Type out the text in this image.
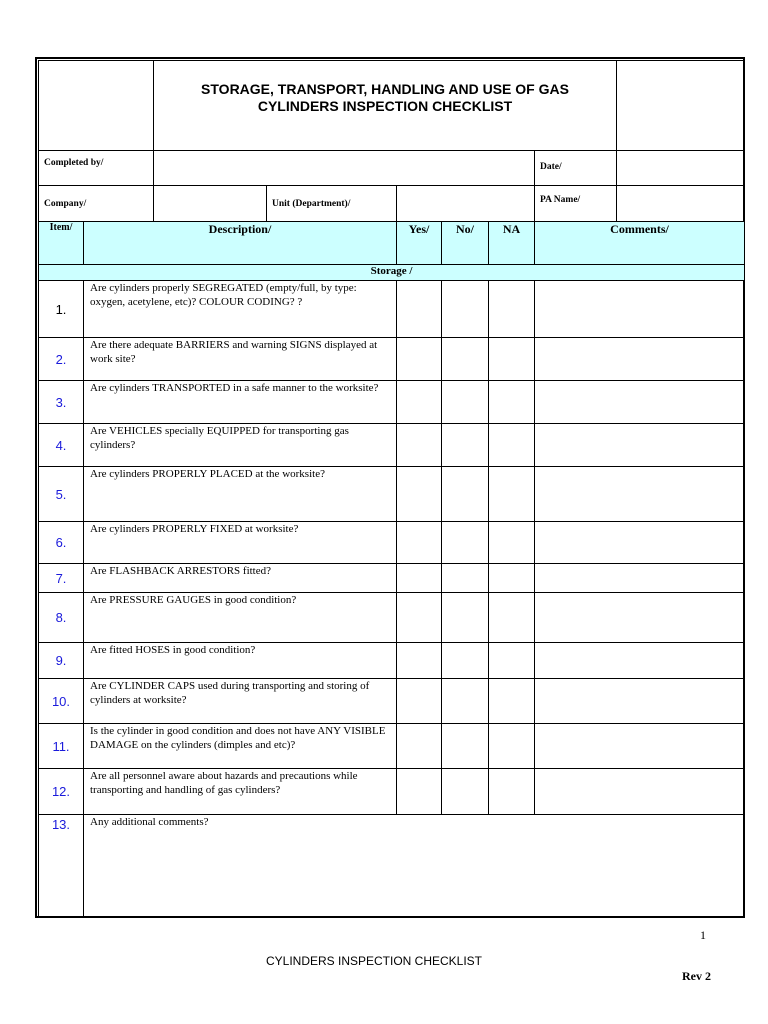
		STORAGE, TRANSPORT, HANDLING AND USE OF GAS
CYLINDERS INSPECTION CHECKLIST						

Completed by/							Date/	
Company/			Unit (Department)/				PA Name/	
Item/	Description/			Yes/	No/	NA	Comments/	
Storage /								
1.	Are cylinders properly SEGREGATED (empty/full, by type: oxygen, acetylene, etc)? COLOUR CODING? ?							
2.	Are there adequate BARRIERS and warning SIGNS displayed at work site?							
3.	Are cylinders TRANSPORTED in a safe manner to the worksite?							
4.	Are VEHICLES specially EQUIPPED for transporting gas cylinders?							
5.	Are cylinders PROPERLY PLACED at the worksite?							
6.	Are cylinders PROPERLY FIXED at worksite?							
7.	Are FLASHBACK ARRESTORS fitted?							
8.	Are PRESSURE GAUGES in good condition?							
9.	Are fitted HOSES in good condition?							
10.	Are CYLINDER CAPS used during transporting and storing of cylinders at worksite?							
11.	Is the cylinder in good condition and does not have ANY VISIBLE DAMAGE on the cylinders (dimples and etc)?							
12.	Are all personnel aware about hazards and precautions while transporting and handling of gas cylinders?							
13.	Any additional comments?							
1
CYLINDERS INSPECTION CHECKLIST
Rev 2
